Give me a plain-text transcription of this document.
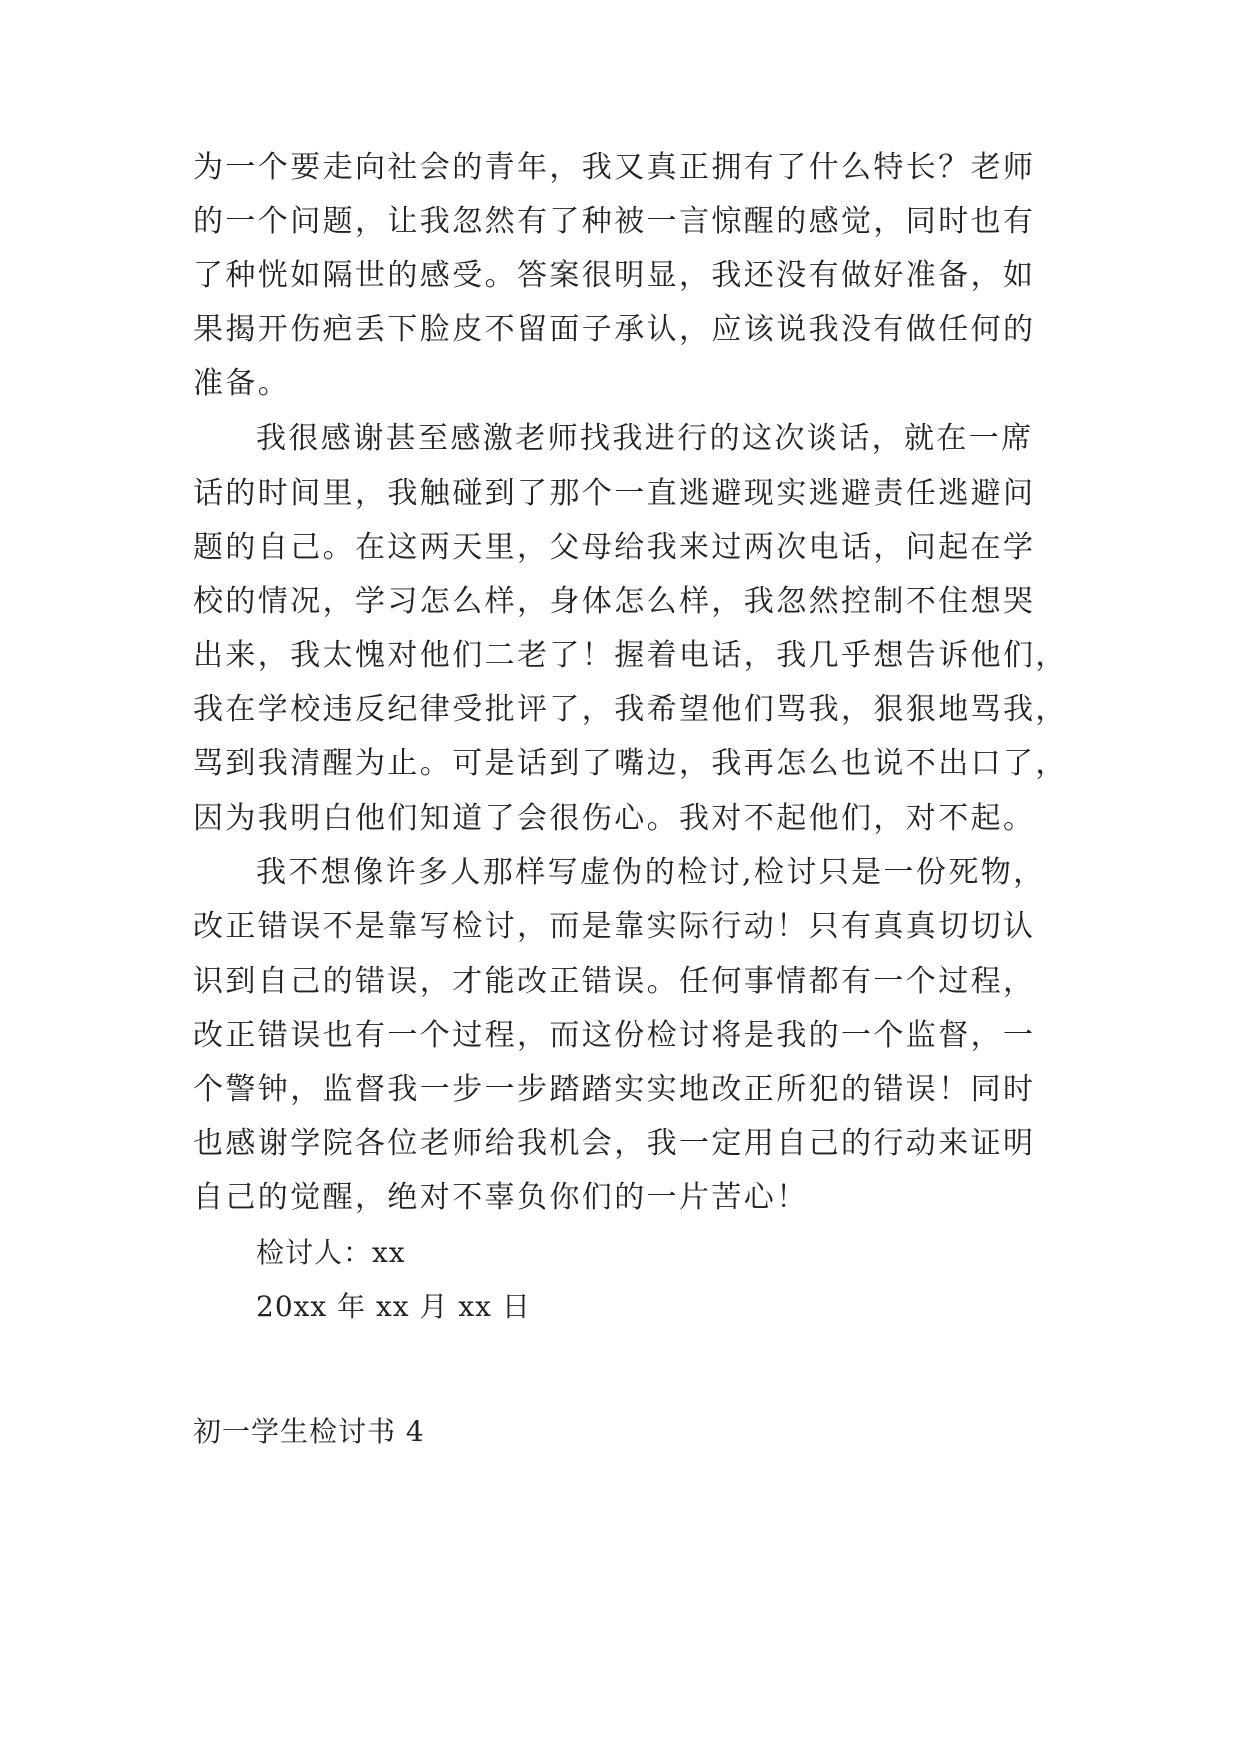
为一个要走向社会的青年，我又真正拥有了什么特长？老师
的一个问题，让我忽然有了种被一言惊醒的感觉，同时也有
了种恍如隔世的感受。答案很明显，我还没有做好准备，如
果揭开伤疤丢下脸皮不留面子承认，应该说我没有做任何的
准备。
我很感谢甚至感激老师找我进行的这次谈话，就在一席
话的时间里，我触碰到了那个一直逃避现实逃避责任逃避问
题的自己。在这两天里，父母给我来过两次电话，问起在学
校的情况，学习怎么样，身体怎么样，我忽然控制不住想哭
出来，我太愧对他们二老了！握着电话，我几乎想告诉他们，
我在学校违反纪律受批评了，我希望他们骂我，狠狠地骂我，
骂到我清醒为止。可是话到了嘴边，我再怎么也说不出口了，
因为我明白他们知道了会很伤心。我对不起他们，对不起。
我不想像许多人那样写虚伪的检讨,检讨只是一份死物，
改正错误不是靠写检讨，而是靠实际行动！只有真真切切认
识到自己的错误，才能改正错误。任何事情都有一个过程，
改正错误也有一个过程，而这份检讨将是我的一个监督，一
个警钟，监督我一步一步踏踏实实地改正所犯的错误！同时
也感谢学院各位老师给我机会，我一定用自己的行动来证明
自己的觉醒，绝对不辜负你们的一片苦心！
检讨人：xx
20xx 年 xx 月 xx 日
初一学生检讨书 4
